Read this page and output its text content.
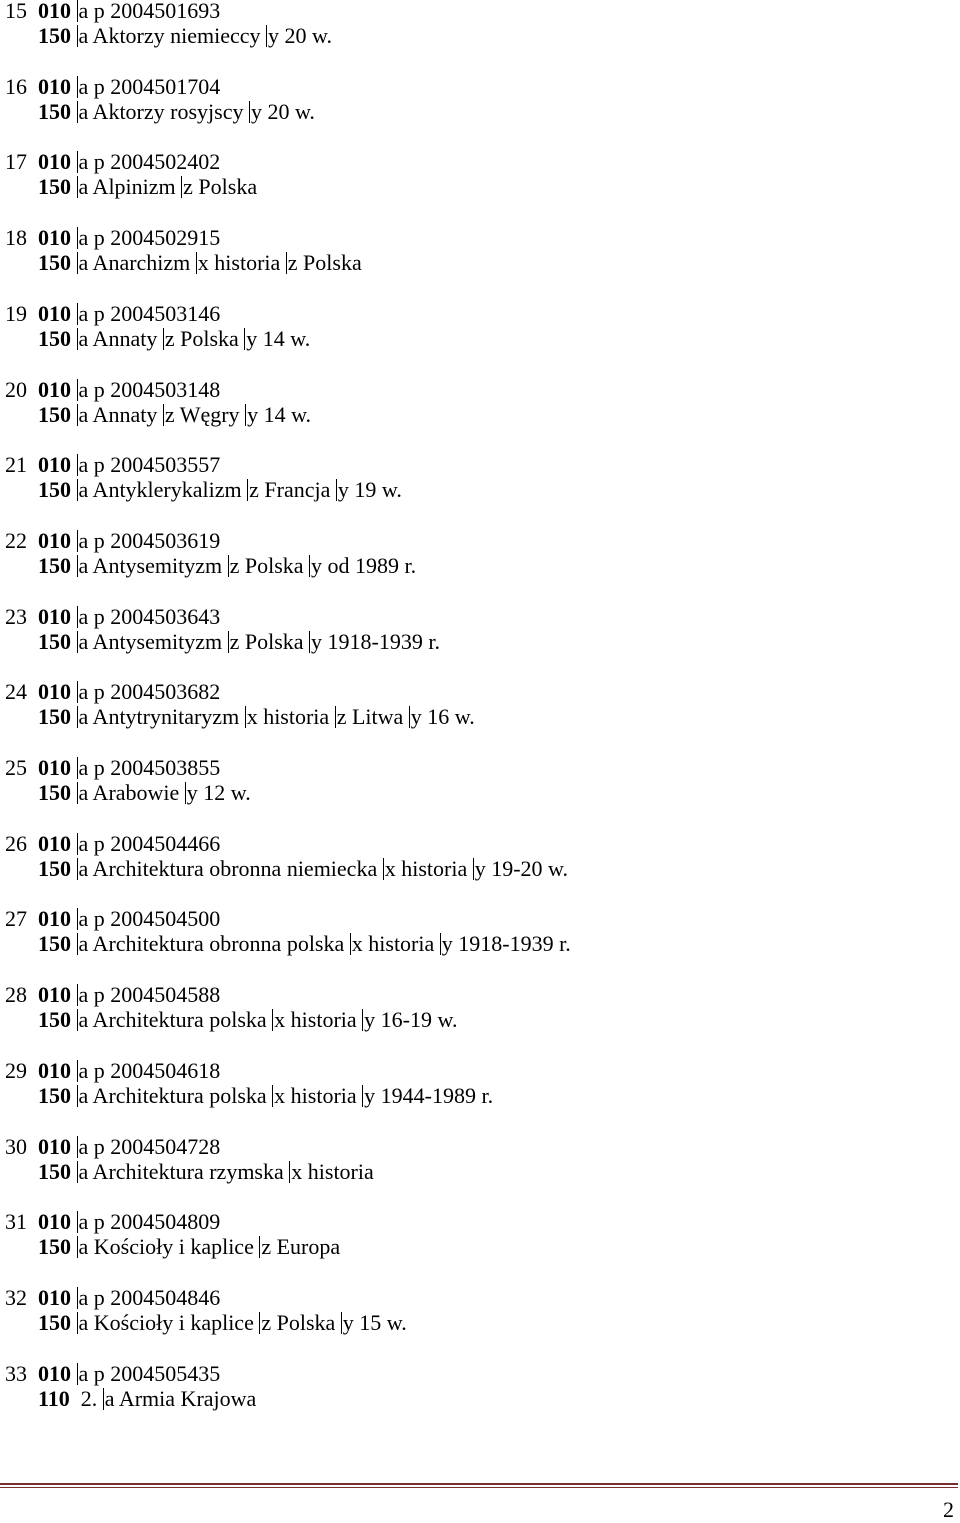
15 010 a p 2004501693
150 a Aktorzy niemieccy y 20 w.
16 010 a p 2004501704
150 a Aktorzy rosyjscy y 20 w.
17 010 a p 2004502402
150 a Alpinizm z Polska
18 010 a p 2004502915
150 a Anarchizm x historia z Polska
19 010 a p 2004503146
150 a Annaty z Polska y 14 w.
20 010 a p 2004503148
150 a Annaty z Węgry y 14 w.
21 010 a p 2004503557
150 a Antyklerykalizm z Francja y 19 w.
22 010 a p 2004503619
150 a Antysemityzm z Polska y od 1989 r.
23 010 a p 2004503643
150 a Antysemityzm z Polska y 1918-1939 r.
24 010 a p 2004503682
150 a Antytrynitaryzm x historia z Litwa y 16 w.
25 010 a p 2004503855
150 a Arabowie y 12 w.
26 010 a p 2004504466
150 a Architektura obronna niemiecka x historia y 19-20 w.
27 010 a p 2004504500
150 a Architektura obronna polska x historia y 1918-1939 r.
28 010 a p 2004504588
150 a Architektura polska x historia y 16-19 w.
29 010 a p 2004504618
150 a Architektura polska x historia y 1944-1989 r.
30 010 a p 2004504728
150 a Architektura rzymska x historia
31 010 a p 2004504809
150 a Kościoły i kaplice z Europa
32 010 a p 2004504846
150 a Kościoły i kaplice z Polska y 15 w.
33 010 a p 2004505435
110  2. a Armia Krajowa
2
